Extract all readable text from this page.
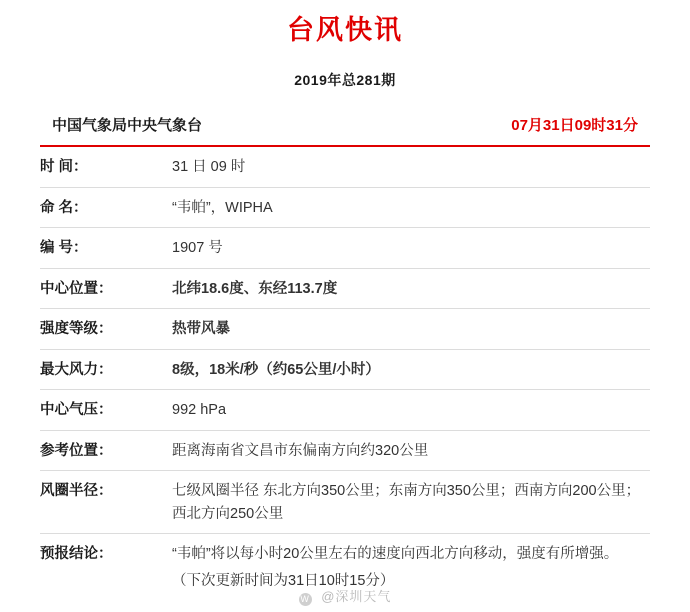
台风快讯
2019年总281期
中国气象局中央气象台	07月31日09时31分
时 间：	31 日 09 时
命 名：	“韦帕”，WIPHA
编 号：	1907 号
中心位置：	北纬18.6度、东经113.7度
强度等级：	热带风暴
最大风力：	8级，18米/秒（约65公里/小时）
中心气压：	992 hPa
参考位置：	距离海南省文昌市东偏南方向约320公里
风圈半径：	七级风圈半径 东北方向350公里；东南方向350公里；西南方向200公里；西北方向250公里
预报结论：	“韦帕”将以每小时20公里左右的速度向西北方向移动，强度有所增强。
（下次更新时间为31日10时15分）
W @深圳天气
